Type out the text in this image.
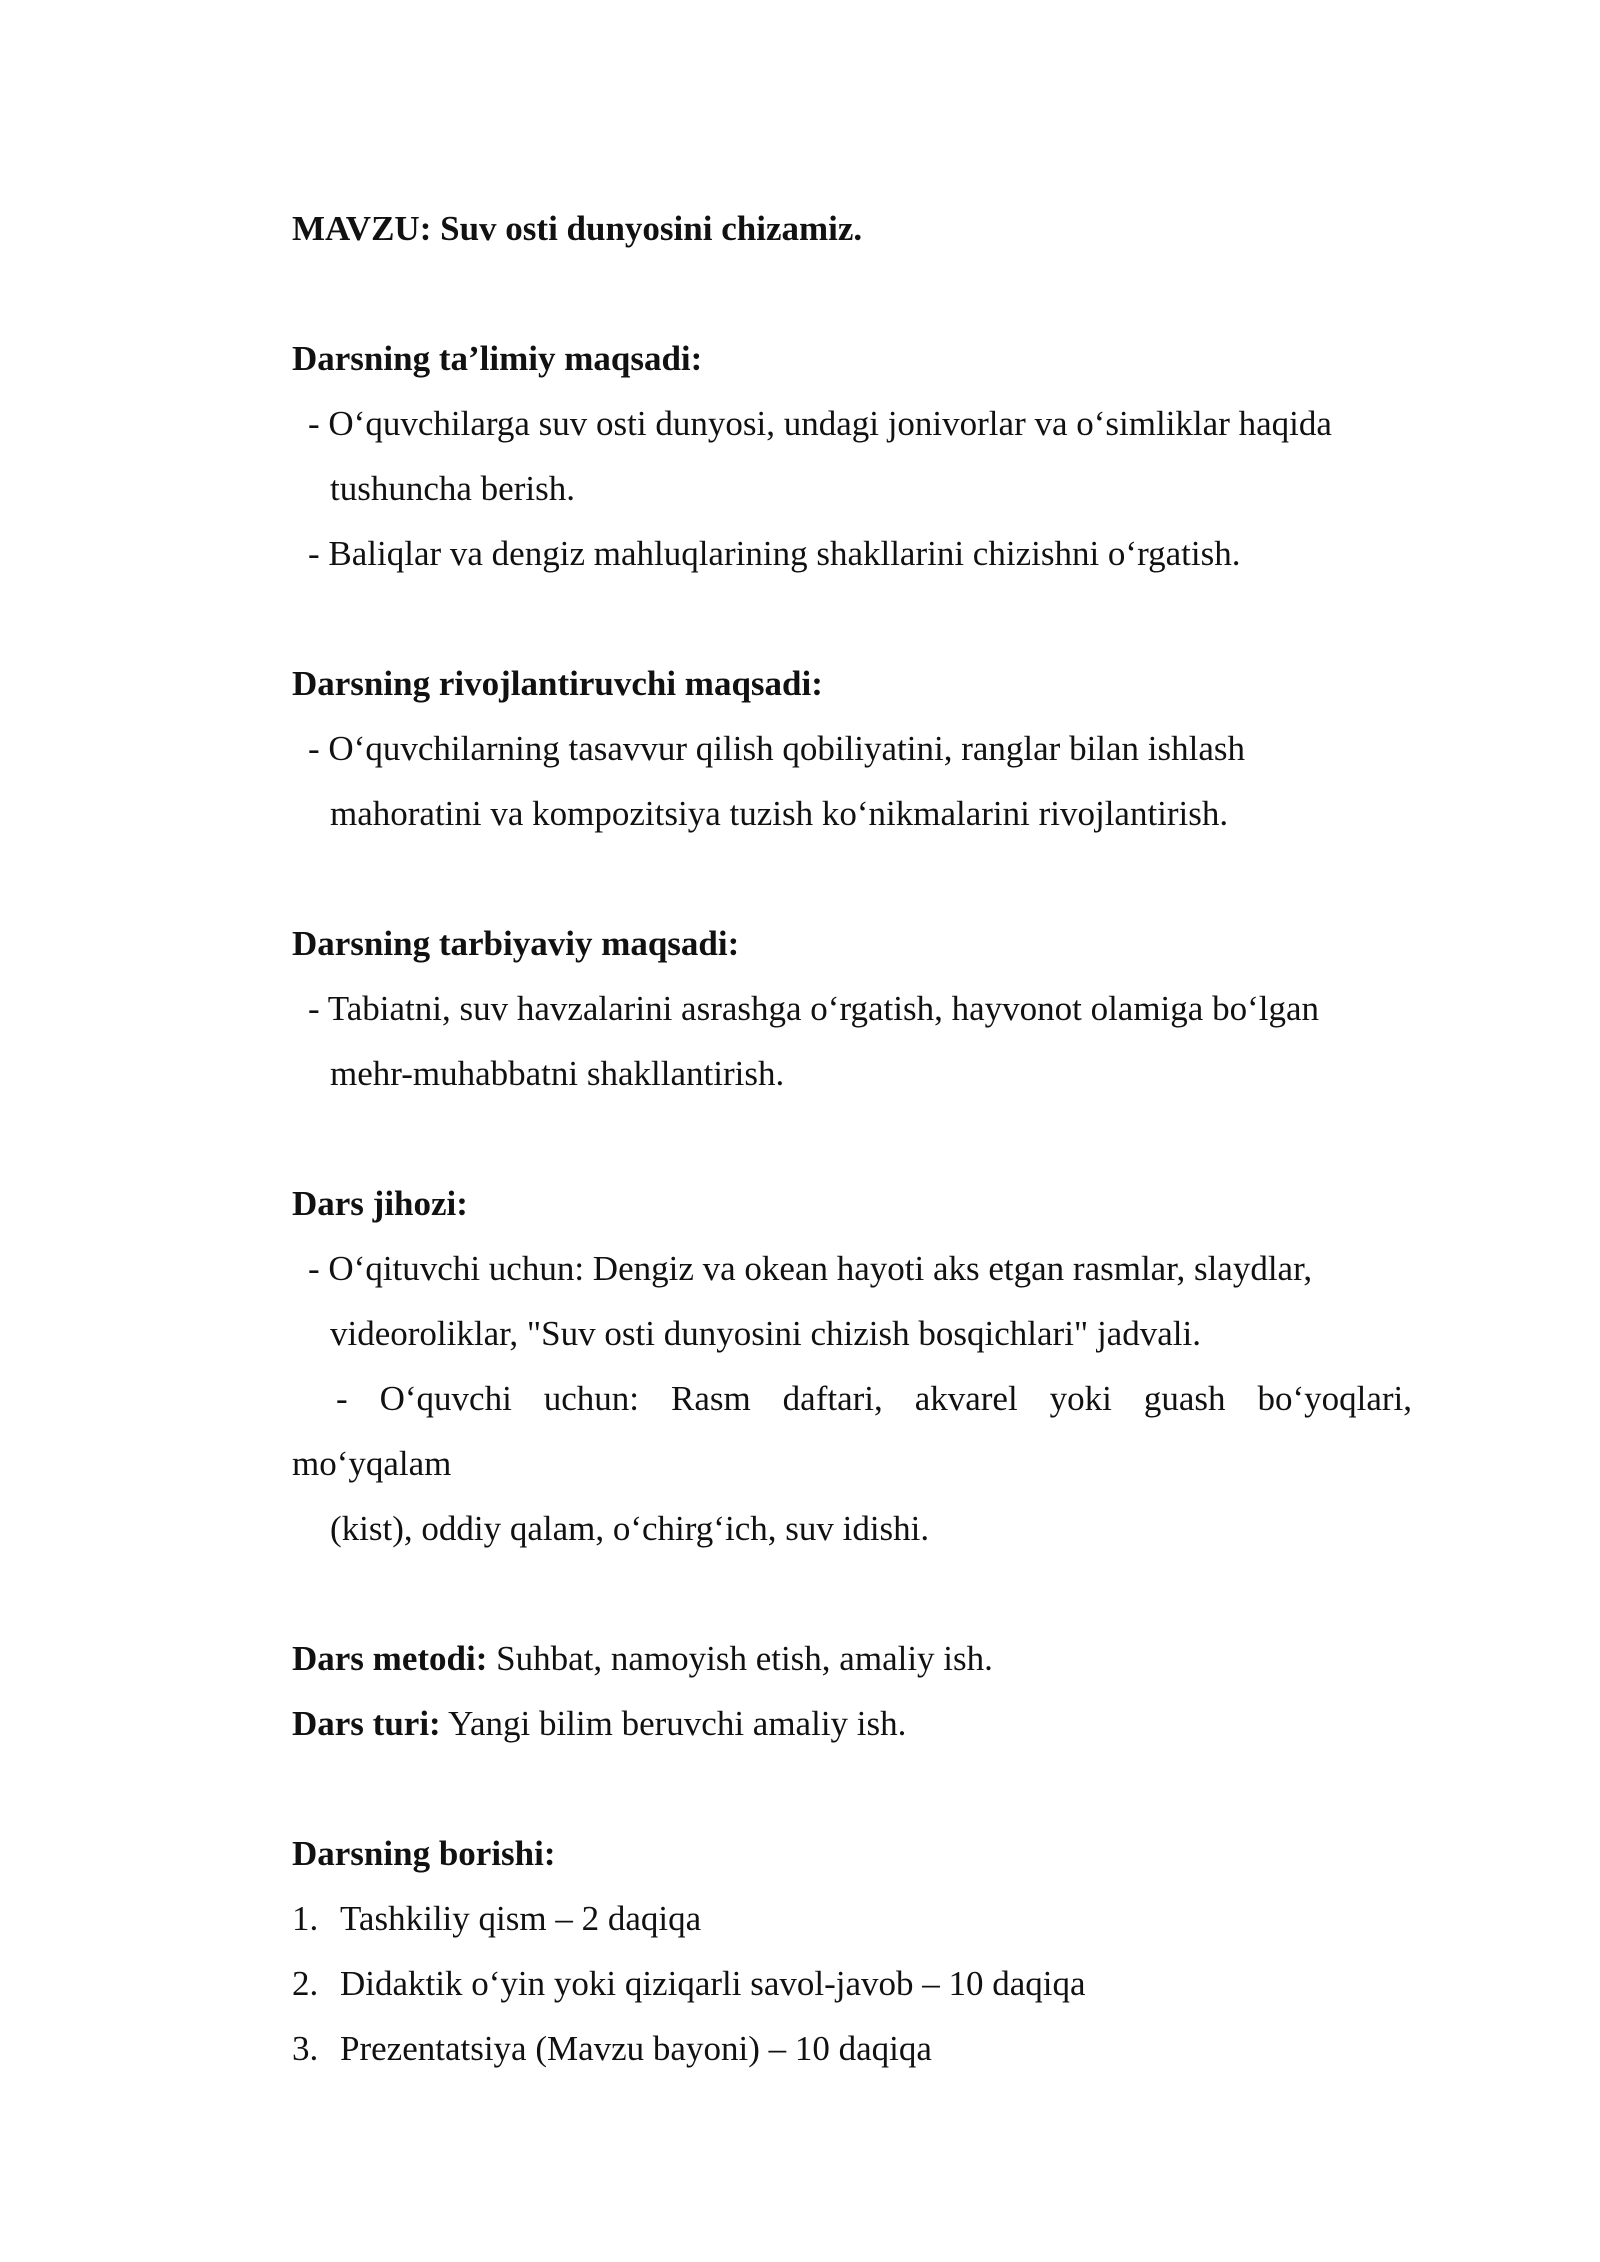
MAVZU: Suv osti dunyosini chizamiz.
Darsning ta’limiy maqsadi:
- O‘quvchilarga suv osti dunyosi, undagi jonivorlar va o‘simliklar haqida
tushuncha berish.
- Baliqlar va dengiz mahluqlarining shakllarini chizishni o‘rgatish.
Darsning rivojlantiruvchi maqsadi:
- O‘quvchilarning tasavvur qilish qobiliyatini, ranglar bilan ishlash
mahoratini va kompozitsiya tuzish ko‘nikmalarini rivojlantirish.
Darsning tarbiyaviy maqsadi:
- Tabiatni, suv havzalarini asrashga o‘rgatish, hayvonot olamiga bo‘lgan
mehr-muhabbatni shakllantirish.
Dars jihozi:
- O‘qituvchi uchun: Dengiz va okean hayoti aks etgan rasmlar, slaydlar,
videoroliklar, "Suv osti dunyosini chizish bosqichlari" jadvali.
- O‘quvchi uchun: Rasm daftari, akvarel yoki guash bo‘yoqlari,
mo‘yqalam
(kist), oddiy qalam, o‘chirg‘ich, suv idishi.
Dars metodi: Suhbat, namoyish etish, amaliy ish.
Dars turi: Yangi bilim beruvchi amaliy ish.
Darsning borishi:
1. Tashkiliy qism – 2 daqiqa
2. Didaktik o‘yin yoki qiziqarli savol-javob – 10 daqiqa
3. Prezentatsiya (Mavzu bayoni) – 10 daqiqa
